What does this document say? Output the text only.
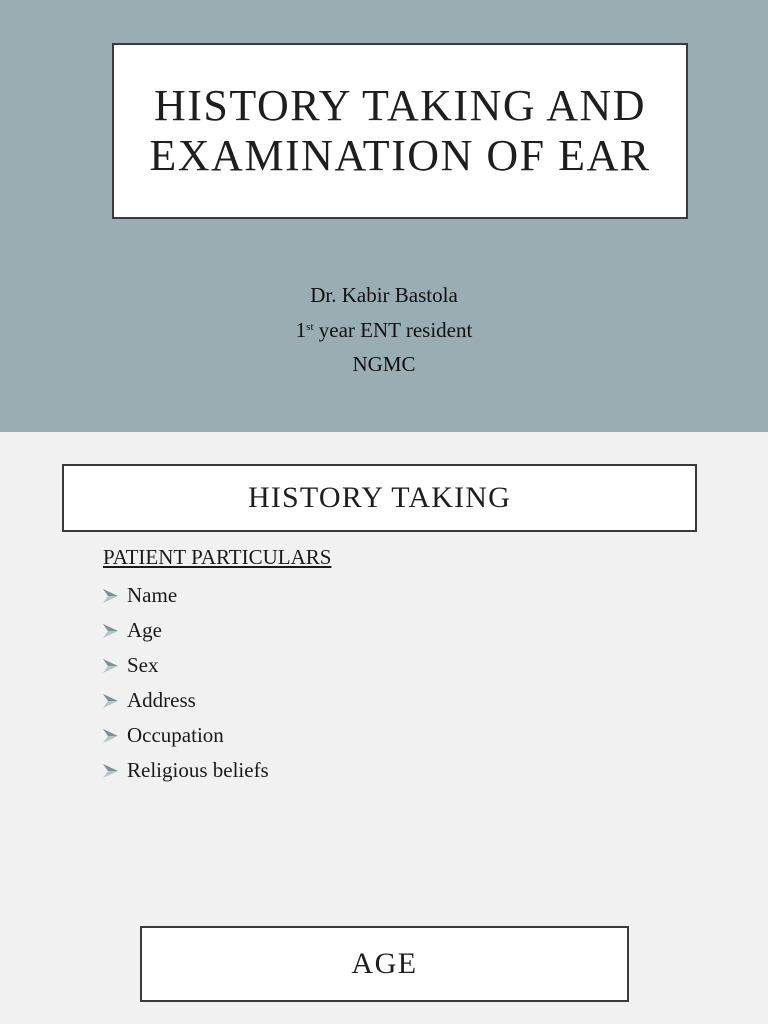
HISTORY TAKING AND
EXAMINATION OF EAR
Dr. Kabir Bastola
1st year ENT resident
NGMC
HISTORY TAKING
PATIENT PARTICULARS
Name
Age
Sex
Address
Occupation
Religious beliefs
AGE
